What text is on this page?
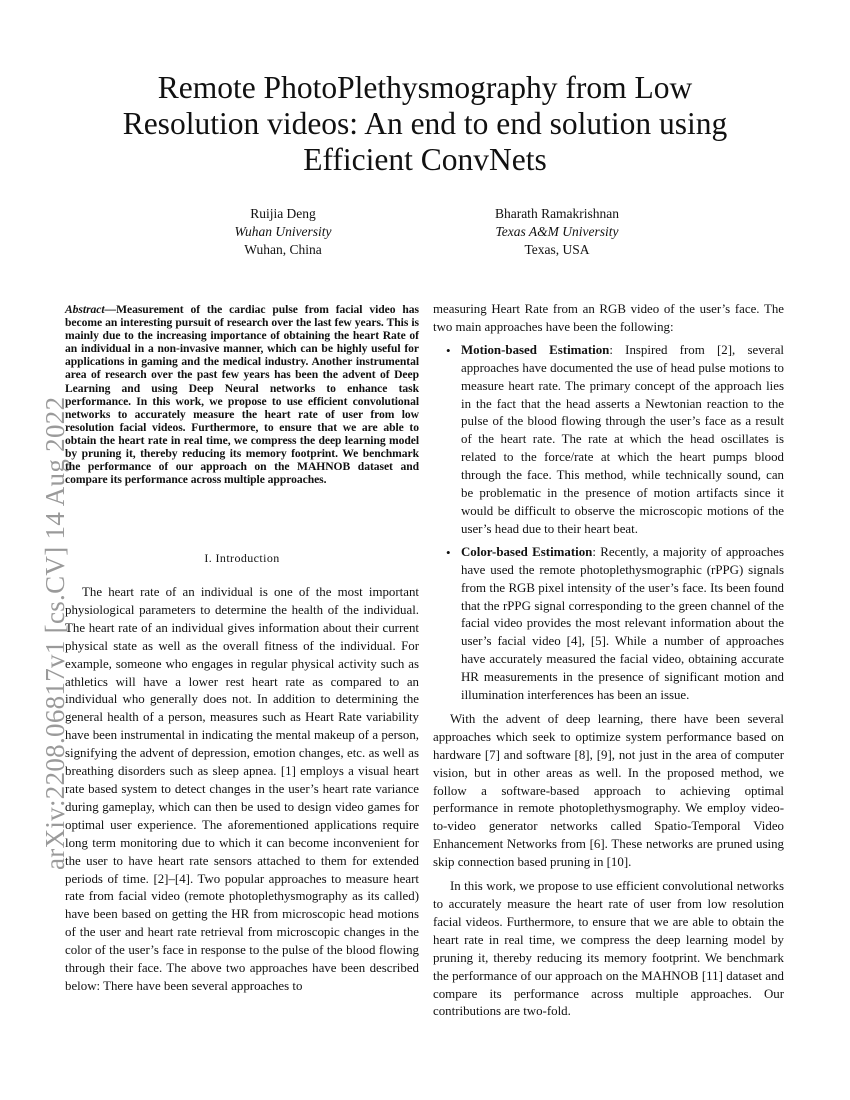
arXiv:2208.06817v1 [cs.CV] 14 Aug 2022
Remote PhotoPlethysmography from Low
Resolution videos: An end to end solution using
Efficient ConvNets
Ruijia Deng
Wuhan University
Wuhan, China
Bharath Ramakrishnan
Texas A&M University
Texas, USA

Abstract—Measurement of the cardiac pulse from facial video has become an interesting pursuit of research over the last few years. This is mainly due to the increasing importance of obtaining the heart Rate of an individual in a non-invasive manner, which can be highly useful for applications in gaming and the medical industry. Another instrumental area of research over the past few years has been the advent of Deep Learning and using Deep Neural networks to enhance task performance. In this work, we propose to use efficient convolutional networks to accurately measure the heart rate of user from low resolution facial videos. Furthermore, to ensure that we are able to obtain the heart rate in real time, we compress the deep learning model by pruning it, thereby reducing its memory footprint. We benchmark the performance of our approach on the MAHNOB dataset and compare its performance across multiple approaches.

I. Introduction

The heart rate of an individual is one of the most important physiological parameters to determine the health of the individual. The heart rate of an individual gives information about their current physical state as well as the overall fitness of the individual. For example, someone who engages in regular physical activity such as athletics will have a lower rest heart rate as compared to an individual who generally does not. In addition to determining the general health of a person, measures such as Heart Rate variability have been instrumental in indicating the mental makeup of a person, signifying the advent of depression, emotion changes, etc. as well as breathing disorders such as sleep apnea. [1] employs a visual heart rate based system to detect changes in the user’s heart rate variance during gameplay, which can then be used to design video games for optimal user experience. The aforementioned applications require long term monitoring due to which it can become inconvenient for the user to have heart rate sensors attached to them for extended periods of time. [2]–[4]. Two popular approaches to measure heart rate from facial video (remote photoplethysmography as its called) have been based on getting the HR from microscopic head motions of the user and heart rate retrieval from microscopic changes in the color of the user’s face in response to the pulse of the blood flowing through their face. The above two approaches have been described below: There have been several approaches to

measuring Heart Rate from an RGB video of the user’s face. The two main approaches have been the following:

• Motion-based Estimation: Inspired from [2], several approaches have documented the use of head pulse motions to measure heart rate. The primary concept of the approach lies in the fact that the head asserts a Newtonian reaction to the pulse of the blood flowing through the user’s face as a result of the heart rate. The rate at which the head oscillates is related to the force/rate at which the heart pumps blood through the face. This method, while technically sound, can be problematic in the presence of motion artifacts since it would be difficult to observe the microscopic motions of the user’s head due to their heart beat.
• Color-based Estimation: Recently, a majority of approaches have used the remote photoplethysmographic (rPPG) signals from the RGB pixel intensity of the user’s face. Its been found that the rPPG signal corresponding to the green channel of the facial video provides the most relevant information about the user’s facial video [4], [5]. While a number of approaches have accurately measured the facial video, obtaining accurate HR measurements in the presence of significant motion and illumination interferences has been an issue.

With the advent of deep learning, there have been several approaches which seek to optimize system performance based on hardware [7] and software [8], [9], not just in the area of computer vision, but in other areas as well. In the proposed method, we follow a software-based approach to achieving optimal performance in remote photoplethysmography. We employ video-to-video generator networks called Spatio-Temporal Video Enhancement Networks from [6]. These networks are pruned using skip connection based pruning in [10].

In this work, we propose to use efficient convolutional networks to accurately measure the heart rate of user from low resolution facial videos. Furthermore, to ensure that we are able to obtain the heart rate in real time, we compress the deep learning model by pruning it, thereby reducing its memory footprint. We benchmark the performance of our approach on the MAHNOB [11] dataset and compare its performance across multiple approaches. Our contributions are two-fold.
